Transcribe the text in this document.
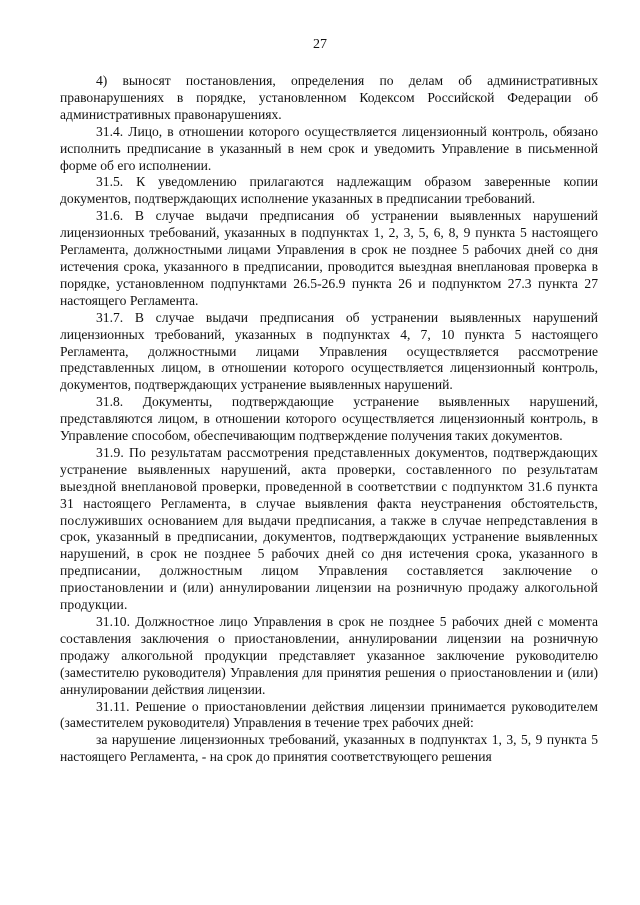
27

4) выносят постановления, определения по делам об административных правонарушениях в порядке, установленном Кодексом Российской Федерации об административных правонарушениях.

31.4. Лицо, в отношении которого осуществляется лицензионный контроль, обязано исполнить предписание в указанный в нем срок и уведомить Управление в письменной форме об его исполнении.

31.5. К уведомлению прилагаются надлежащим образом заверенные копии документов, подтверждающих исполнение указанных в предписании требований.

31.6. В случае выдачи предписания об устранении выявленных нарушений лицензионных требований, указанных в подпунктах 1, 2, 3, 5, 6, 8, 9 пункта 5 настоящего Регламента, должностными лицами Управления в срок не позднее 5 рабочих дней со дня истечения срока, указанного в предписании, проводится выездная внеплановая проверка в порядке, установленном подпунктами 26.5-26.9 пункта 26 и подпунктом 27.3 пункта 27 настоящего Регламента.

31.7. В случае выдачи предписания об устранении выявленных нарушений лицензионных требований, указанных в подпунктах 4, 7, 10 пункта 5 настоящего Регламента, должностными лицами Управления осуществляется рассмотрение представленных лицом, в отношении которого осуществляется лицензионный контроль, документов, подтверждающих устранение выявленных нарушений.

31.8. Документы, подтверждающие устранение выявленных нарушений, представляются лицом, в отношении которого осуществляется лицензионный контроль, в Управление способом, обеспечивающим подтверждение получения таких документов.

31.9. По результатам рассмотрения представленных документов, подтверждающих устранение выявленных нарушений, акта проверки, составленного по результатам выездной внеплановой проверки, проведенной в соответствии с подпунктом 31.6 пункта 31 настоящего Регламента, в случае выявления факта неустранения обстоятельств, послуживших основанием для выдачи предписания, а также в случае непредставления в срок, указанный в предписании, документов, подтверждающих устранение выявленных нарушений, в срок не позднее 5 рабочих дней со дня истечения срока, указанного в предписании, должностным лицом Управления составляется заключение о приостановлении и (или) аннулировании лицензии на розничную продажу алкогольной продукции.

31.10. Должностное лицо Управления в срок не позднее 5 рабочих дней с момента составления заключения о приостановлении, аннулировании лицензии на розничную продажу алкогольной продукции представляет указанное заключение руководителю (заместителю руководителя) Управления для принятия решения о приостановлении и (или) аннулировании действия лицензии.

31.11. Решение о приостановлении действия лицензии принимается руководителем (заместителем руководителя) Управления в течение трех рабочих дней:

за нарушение лицензионных требований, указанных в подпунктах 1, 3, 5, 9 пункта 5 настоящего Регламента, - на срок до принятия соответствующего решения
